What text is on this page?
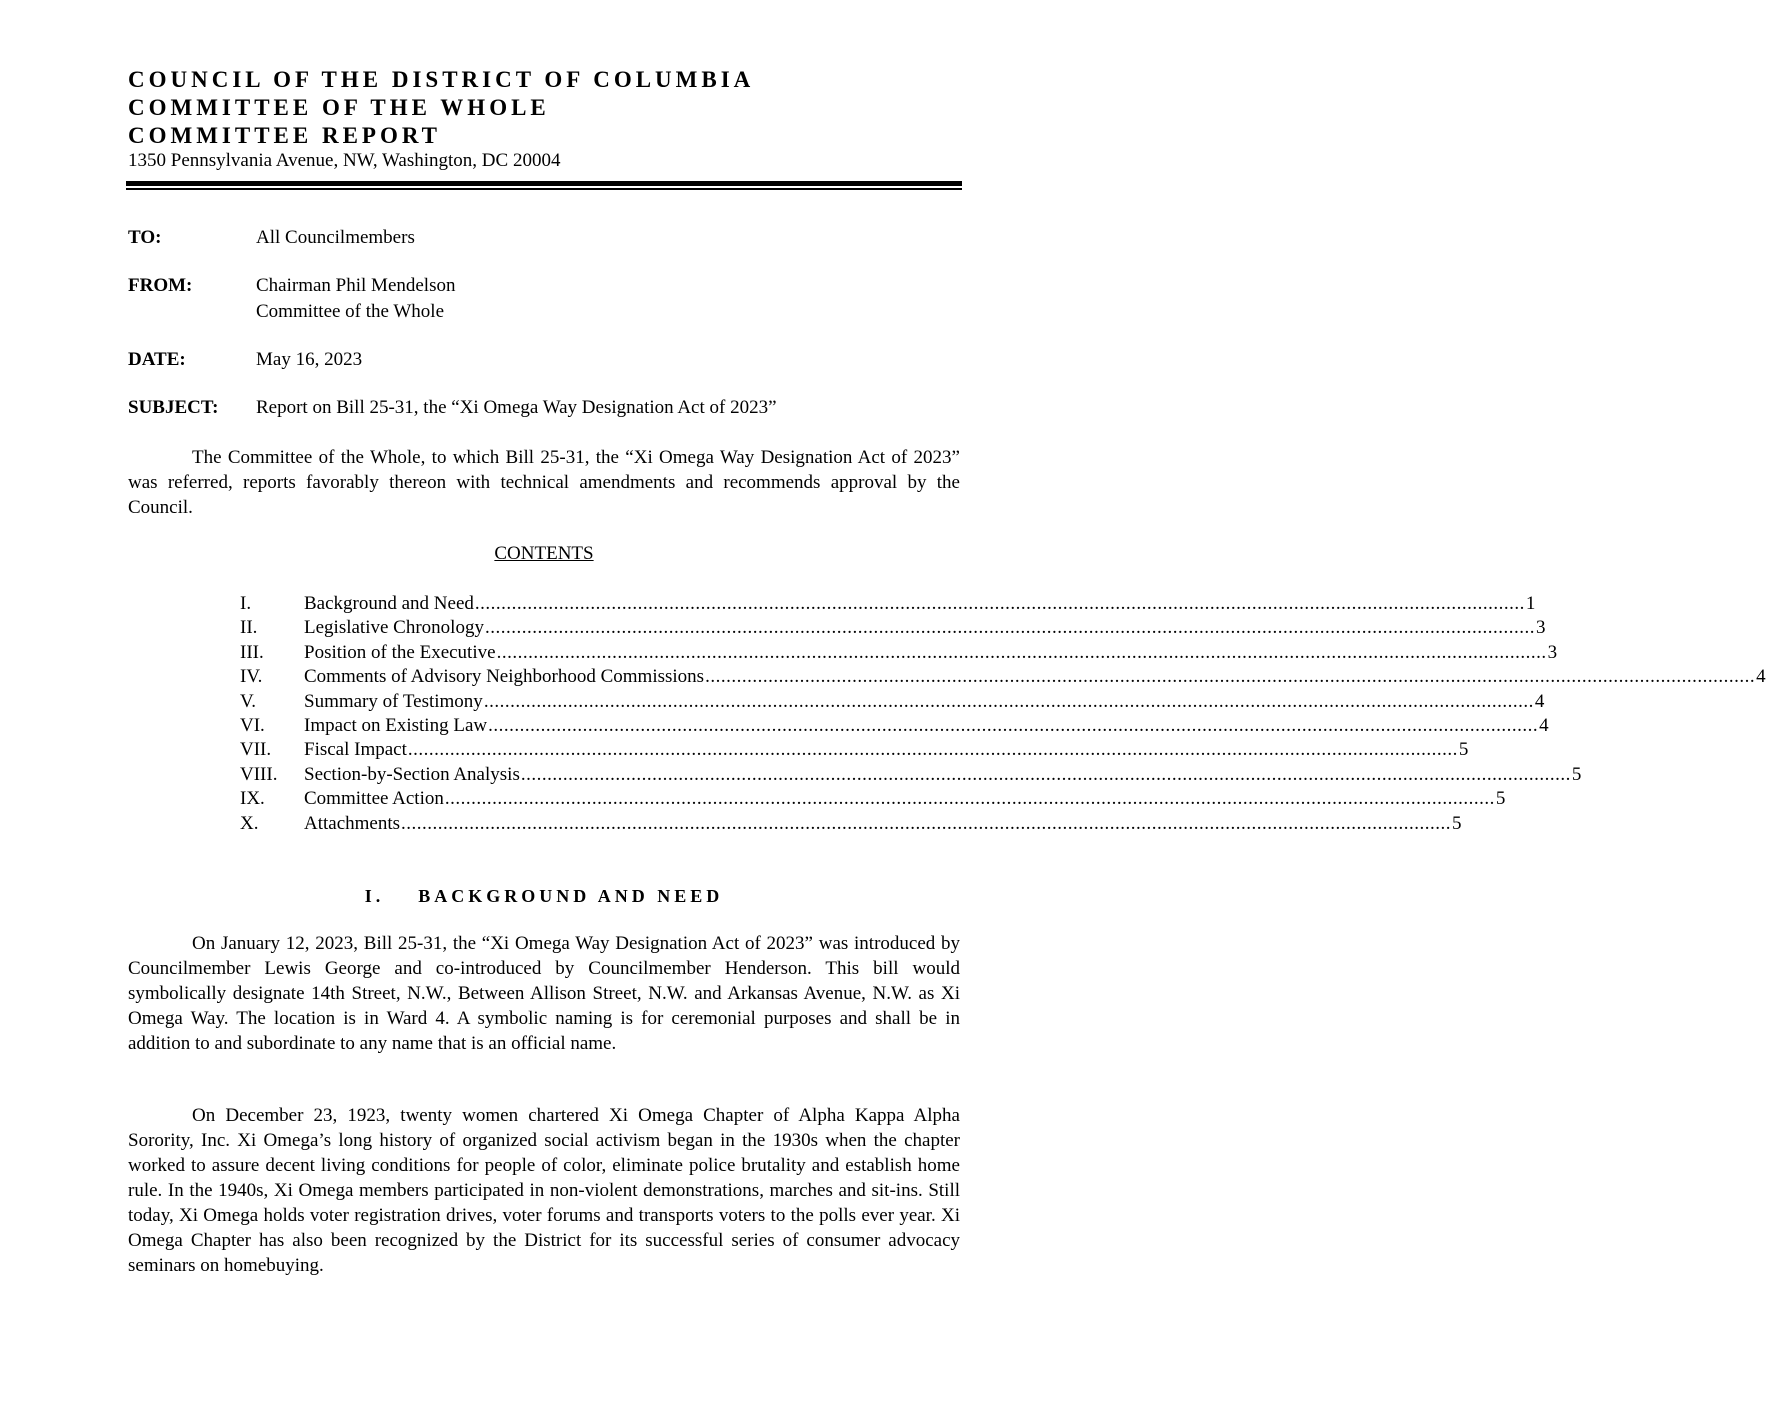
COUNCIL OF THE DISTRICT OF COLUMBIA
COMMITTEE OF THE WHOLE
COMMITTEE REPORT
1350 Pennsylvania Avenue, NW, Washington, DC 20004
TO:	All Councilmembers
FROM:	Chairman Phil Mendelson
Committee of the Whole
DATE:	May 16, 2023
SUBJECT: Report on Bill 25-31, the “Xi Omega Way Designation Act of 2023”

The Committee of the Whole, to which Bill 25-31, the “Xi Omega Way Designation Act of 2023” was referred, reports favorably thereon with technical amendments and recommends approval by the Council.

CONTENTS
I.	Background and Need ........................................................................................................................................................................................................ 1
II.	Legislative Chronology ........................................................................................................................................................................................................ 3
III.	Position of the Executive ........................................................................................................................................................................................................ 3
IV.	Comments of Advisory Neighborhood Commissions ........................................................................................................................................................................................................ 4
V.	Summary of Testimony ........................................................................................................................................................................................................ 4
VI.	Impact on Existing Law ........................................................................................................................................................................................................ 4
VII.	Fiscal Impact ........................................................................................................................................................................................................ 5
VIII.	Section-by-Section Analysis ........................................................................................................................................................................................................ 5
IX.	Committee Action ........................................................................................................................................................................................................ 5
X.	Attachments ........................................................................................................................................................................................................ 5
I.    BACKGROUND AND NEED

On January 12, 2023, Bill 25-31, the “Xi Omega Way Designation Act of 2023” was introduced by Councilmember Lewis George and co-introduced by Councilmember Henderson. This bill would symbolically designate 14th Street, N.W., Between Allison Street, N.W. and Arkansas Avenue, N.W. as Xi Omega Way. The location is in Ward 4. A symbolic naming is for ceremonial purposes and shall be in addition to and subordinate to any name that is an official name.

On December 23, 1923, twenty women chartered Xi Omega Chapter of Alpha Kappa Alpha Sorority, Inc. Xi Omega’s long history of organized social activism began in the 1930s when the chapter worked to assure decent living conditions for people of color, eliminate police brutality and establish home rule. In the 1940s, Xi Omega members participated in non-violent demonstrations, marches and sit-ins. Still today, Xi Omega holds voter registration drives, voter forums and transports voters to the polls ever year. Xi Omega Chapter has also been recognized by the District for its successful series of consumer advocacy seminars on homebuying.
